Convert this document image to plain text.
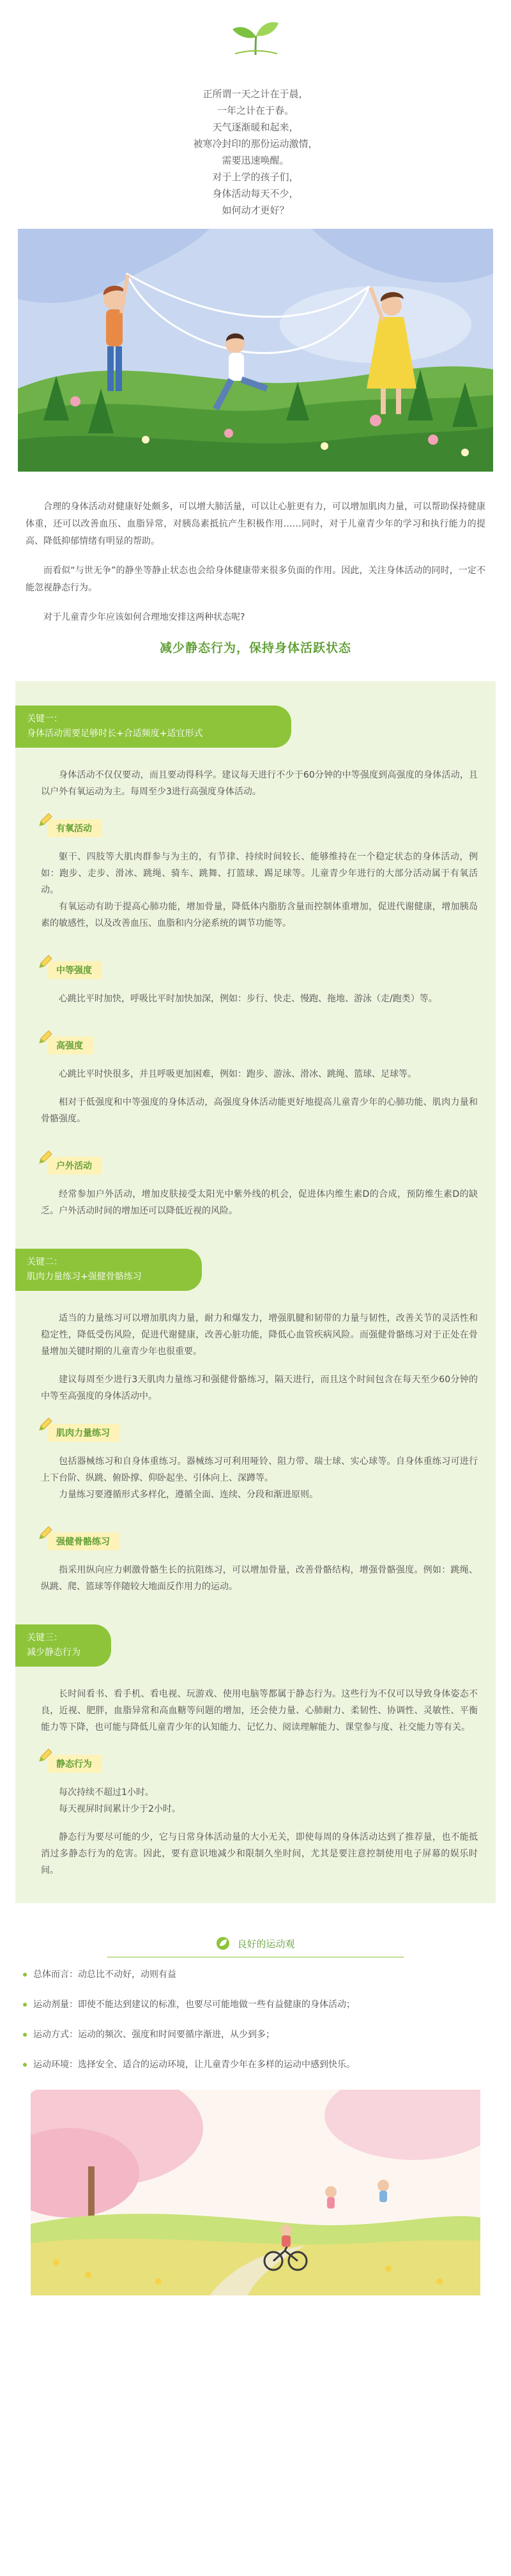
正所谓一天之计在于晨，

一年之计在于春。

天气逐渐暖和起来，

被寒冷封印的那份运动激情，

需要迅速唤醒。

对于上学的孩子们，

身体活动每天不少，

如何动才更好？

合理的身体活动对健康好处颇多，可以增大肺活量，可以让心脏更有力，可以增加肌肉力量，可以帮助保持健康体重，还可以改善血压、血脂异常，对胰岛素抵抗产生积极作用……同时，对于儿童青少年的学习和执行能力的提高、降低抑郁情绪有明显的帮助。

而看似“与世无争”的静坐等静止状态也会给身体健康带来很多负面的作用。因此，关注身体活动的同时，一定不能忽视静态行为。

对于儿童青少年应该如何合理地安排这两种状态呢?

减少静态行为，保持身体活跃状态
关键一：
身体活动需要足够时长+合适频度+适宜形式

身体活动不仅仅要动，而且要动得科学。建议每天进行不少于60分钟的中等强度到高强度的身体活动，且以户外有氧运动为主。每周至少3进行高强度身体活动。

有氧活动

躯干、四肢等大肌肉群参与为主的，有节律、持续时间较长、能够维持在一个稳定状态的身体活动，例如：跑步、走步、滑冰、跳绳、骑车、跳舞、打篮球、踢足球等。儿童青少年进行的大部分活动属于有氧活动。

有氧运动有助于提高心肺功能，增加骨量，降低体内脂肪含量而控制体重增加，促进代谢健康，增加胰岛素的敏感性，以及改善血压、血脂和内分泌系统的调节功能等。

中等强度

心跳比平时加快，呼吸比平时加快加深，例如：步行、快走、慢跑、拖地、游泳（走/跑类）等。

高强度

心跳比平时快很多，并且呼吸更加困难，例如：跑步、游泳、滑冰、跳绳、篮球、足球等。

相对于低强度和中等强度的身体活动，高强度身体活动能更好地提高儿童青少年的心肺功能、肌肉力量和骨骼强度。

户外活动

经常参加户外活动，增加皮肤接受太阳光中紫外线的机会，促进体内维生素D的合成，预防维生素D的缺乏。户外活动时间的增加还可以降低近视的风险。

关键二：
肌肉力量练习+强健骨骼练习

适当的力量练习可以增加肌肉力量，耐力和爆发力，增强肌腱和韧带的力量与韧性，改善关节的灵活性和稳定性，降低受伤风险，促进代谢健康，改善心脏功能，降低心血管疾病风险。而强健骨骼练习对于正处在骨量增加关键时期的儿童青少年也很重要。

建议每周至少进行3天肌肉力量练习和强健骨骼练习，隔天进行，而且这个时间包含在每天至少60分钟的中等至高强度的身体活动中。

肌肉力量练习

包括器械练习和自身体重练习。器械练习可利用哑铃、阻力带、瑞士球、实心球等。自身体重练习可进行上下台阶、纵跳、俯卧撑、仰卧起坐、引体向上、深蹲等。

力量练习要遵循形式多样化，遵循全面、连续、分段和渐进原则。

强健骨骼练习

指采用纵向应力刺激骨骼生长的抗阻练习，可以增加骨量，改善骨骼结构，增强骨骼强度。例如：跳绳、纵跳、爬、篮球等伴随较大地面反作用力的运动。

关键三：
减少静态行为

长时间看书、看手机、看电视、玩游戏、使用电脑等都属于静态行为。这些行为不仅可以导致身体姿态不良，近视、肥胖，血脂异常和高血糖等问题的增加，还会使力量、心肺耐力、柔韧性、协调性、灵敏性、平衡能力等下降，也可能与降低儿童青少年的认知能力、记忆力、阅读理解能力、课堂参与度、社交能力等有关。

静态行为

每次持续不超过1小时。

每天视屏时间累计少于2小时。

静态行为要尽可能的少，它与日常身体活动量的大小无关，即使每周的身体活动达到了推荐量，也不能抵消过多静态行为的危害。因此，要有意识地减少和限制久坐时间，尤其是要注意控制使用电子屏幕的娱乐时间。

良好的运动观
总体而言：动总比不动好，动则有益
运动剂量：即使不能达到建议的标准，也要尽可能地做一些有益健康的身体活动；
运动方式：运动的频次、强度和时间要循序渐进，从少到多；
运动环境：选择安全、适合的运动环境，让儿童青少年在多样的运动中感到快乐。
